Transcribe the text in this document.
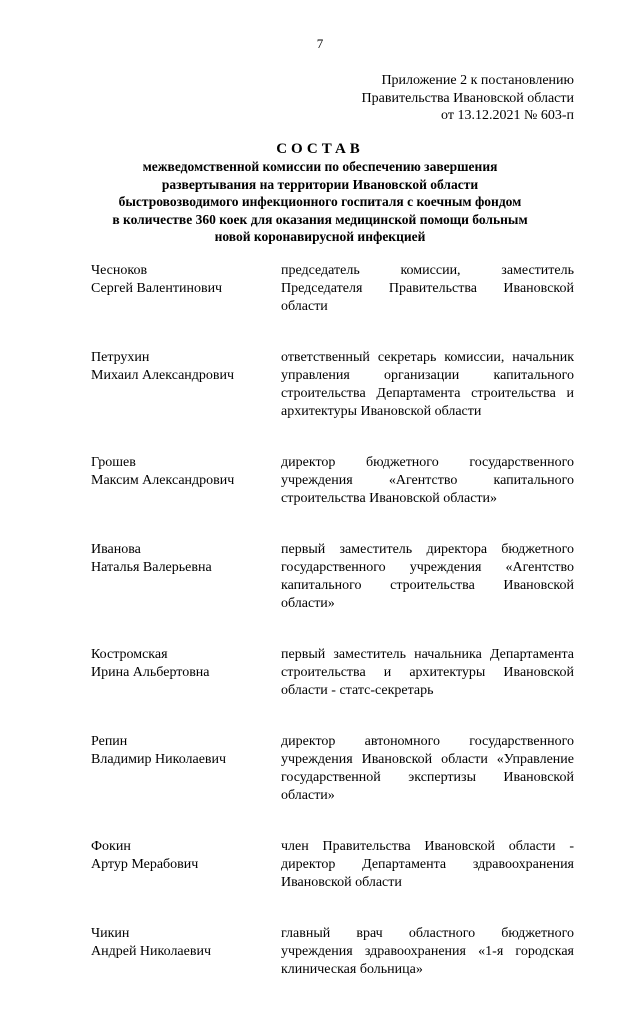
7
Приложение 2 к постановлению
Правительства Ивановской области
от 13.12.2021 № 603-п
СОСТАВ
межведомственной комиссии по обеспечению завершения
развертывания на территории Ивановской области
быстровозводимого инфекционного госпиталя с коечным фондом
в количестве 360 коек для оказания медицинской помощи больным
новой коронавирусной инфекцией
Чесноков
Сергей Валентинович
председатель комиссии, заместитель Председателя Правительства Ивановской области
Петрухин
Михаил Александрович
ответственный секретарь комиссии, начальник управления организации капитального строительства Департамента строительства и архитектуры Ивановской области
Грошев
Максим Александрович
директор бюджетного государственного учреждения «Агентство капитального строительства Ивановской области»
Иванова
Наталья Валерьевна
первый заместитель директора бюджетного государственного учреждения «Агентство капитального строительства Ивановской области»
Костромская
Ирина Альбертовна
первый заместитель начальника Департамента строительства и архитектуры Ивановской области - статс-секретарь
Репин
Владимир Николаевич
директор автономного государственного учреждения Ивановской области «Управление государственной экспертизы Ивановской области»
Фокин
Артур Мерабович
член Правительства Ивановской области - директор Департамента здравоохранения Ивановской области
Чикин
Андрей Николаевич
главный врач областного бюджетного учреждения здравоохранения «1-я городская клиническая больница»
